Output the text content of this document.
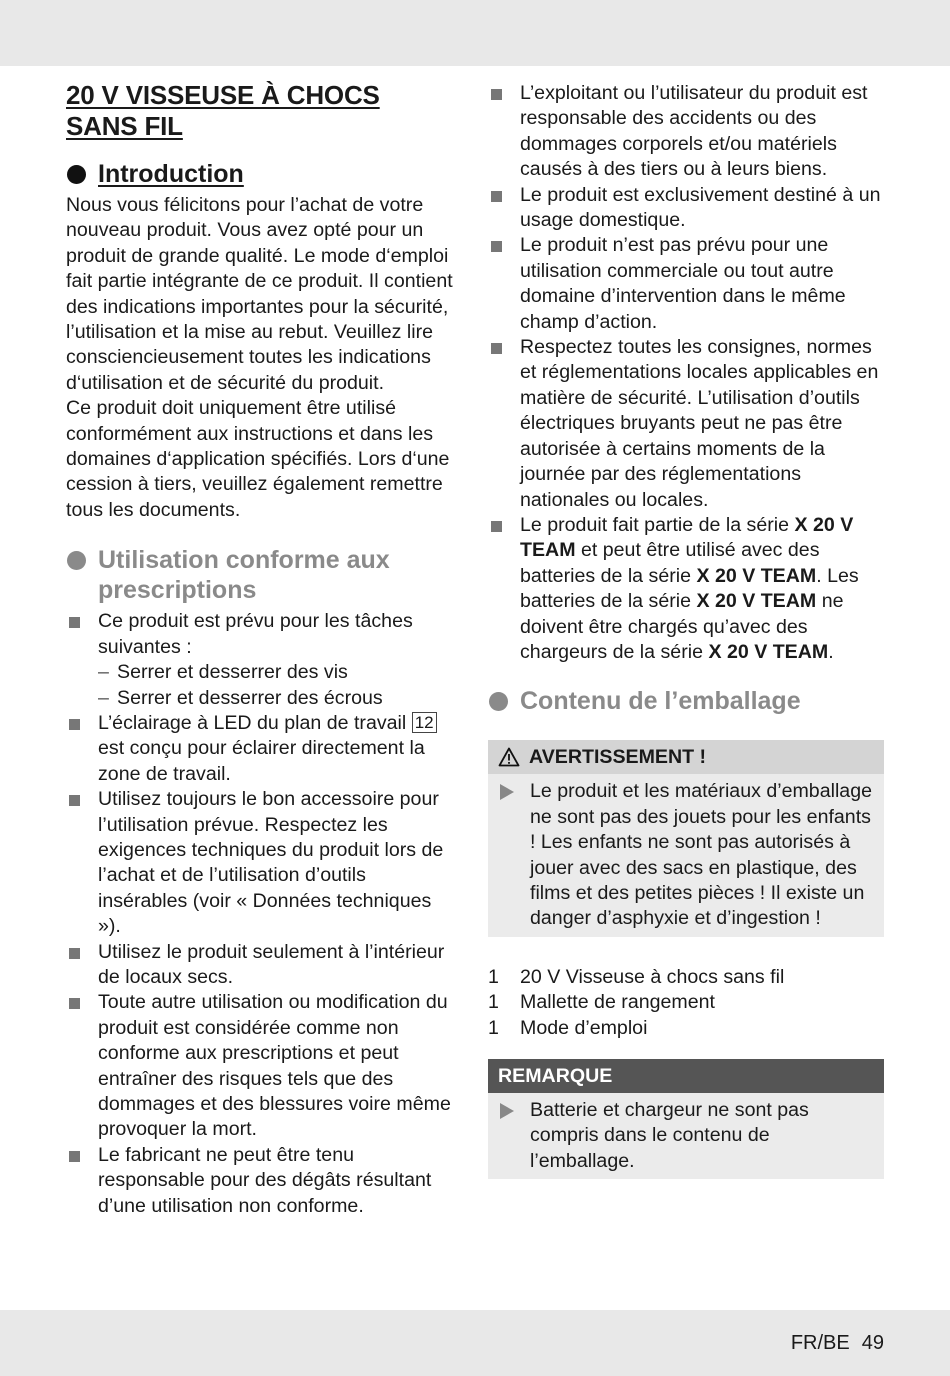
20 V VISSEUSE À CHOCS SANS FIL
Introduction

Nous vous félicitons pour l’achat de votre nouveau produit. Vous avez opté pour un produit de grande qualité. Le mode d‘emploi fait partie intégrante de ce produit. Il contient des indications importantes pour la sécurité, l’utilisation et la mise au rebut. Veuillez lire consciencieusement toutes les indications d‘utilisation et de sécurité du produit.

Ce produit doit uniquement être utilisé conformément aux instructions et dans les domaines d‘application spécifiés. Lors d‘une cession à tiers, veuillez également remettre tous les documents.

Utilisation conforme aux prescriptions
Ce produit est prévu pour les tâches suivantes :
– Serrer et desserrer des vis
– Serrer et desserrer des écrous
L’éclairage à LED du plan de travail 12 est conçu pour éclairer directement la zone de travail.
Utilisez toujours le bon accessoire pour l’utilisation prévue. Respectez les exigences techniques du produit lors de l’achat et de l’utilisation d’outils insérables (voir « Données techniques »).
Utilisez le produit seulement à l’intérieur de locaux secs.
Toute autre utilisation ou modification du produit est considérée comme non conforme aux prescriptions et peut entraîner des risques tels que des dommages et des blessures voire même provoquer la mort.
Le fabricant ne peut être tenu responsable pour des dégâts résultant d’une utilisation non conforme.
L’exploitant ou l’utilisateur du produit est responsable des accidents ou des dommages corporels et/ou matériels causés à des tiers ou à leurs biens.
Le produit est exclusivement destiné à un usage domestique.
Le produit n’est pas prévu pour une utilisation commerciale ou tout autre domaine d’intervention dans le même champ d’action.
Respectez toutes les consignes, normes et réglementations locales applicables en matière de sécurité. L’utilisation d’outils électriques bruyants peut ne pas être autorisée à certains moments de la journée par des réglementations nationales ou locales.
Le produit fait partie de la série X 20 V TEAM et peut être utilisé avec des batteries de la série X 20 V TEAM. Les batteries de la série X 20 V TEAM ne doivent être chargés qu’avec des chargeurs de la série X 20 V TEAM.
Contenu de l’emballage
AVERTISSEMENT !
Le produit et les matériaux d’emballage ne sont pas des jouets pour les enfants ! Les enfants ne sont pas autorisés à jouer avec des sacs en plastique, des films et des petites pièces ! Il existe un danger d’asphyxie et d’ingestion !
1	20 V Visseuse à chocs sans fil
1	Mallette de rangement
1	Mode d’emploi
REMARQUE
Batterie et chargeur ne sont pas compris dans le contenu de l’emballage.
FR/BE 49
